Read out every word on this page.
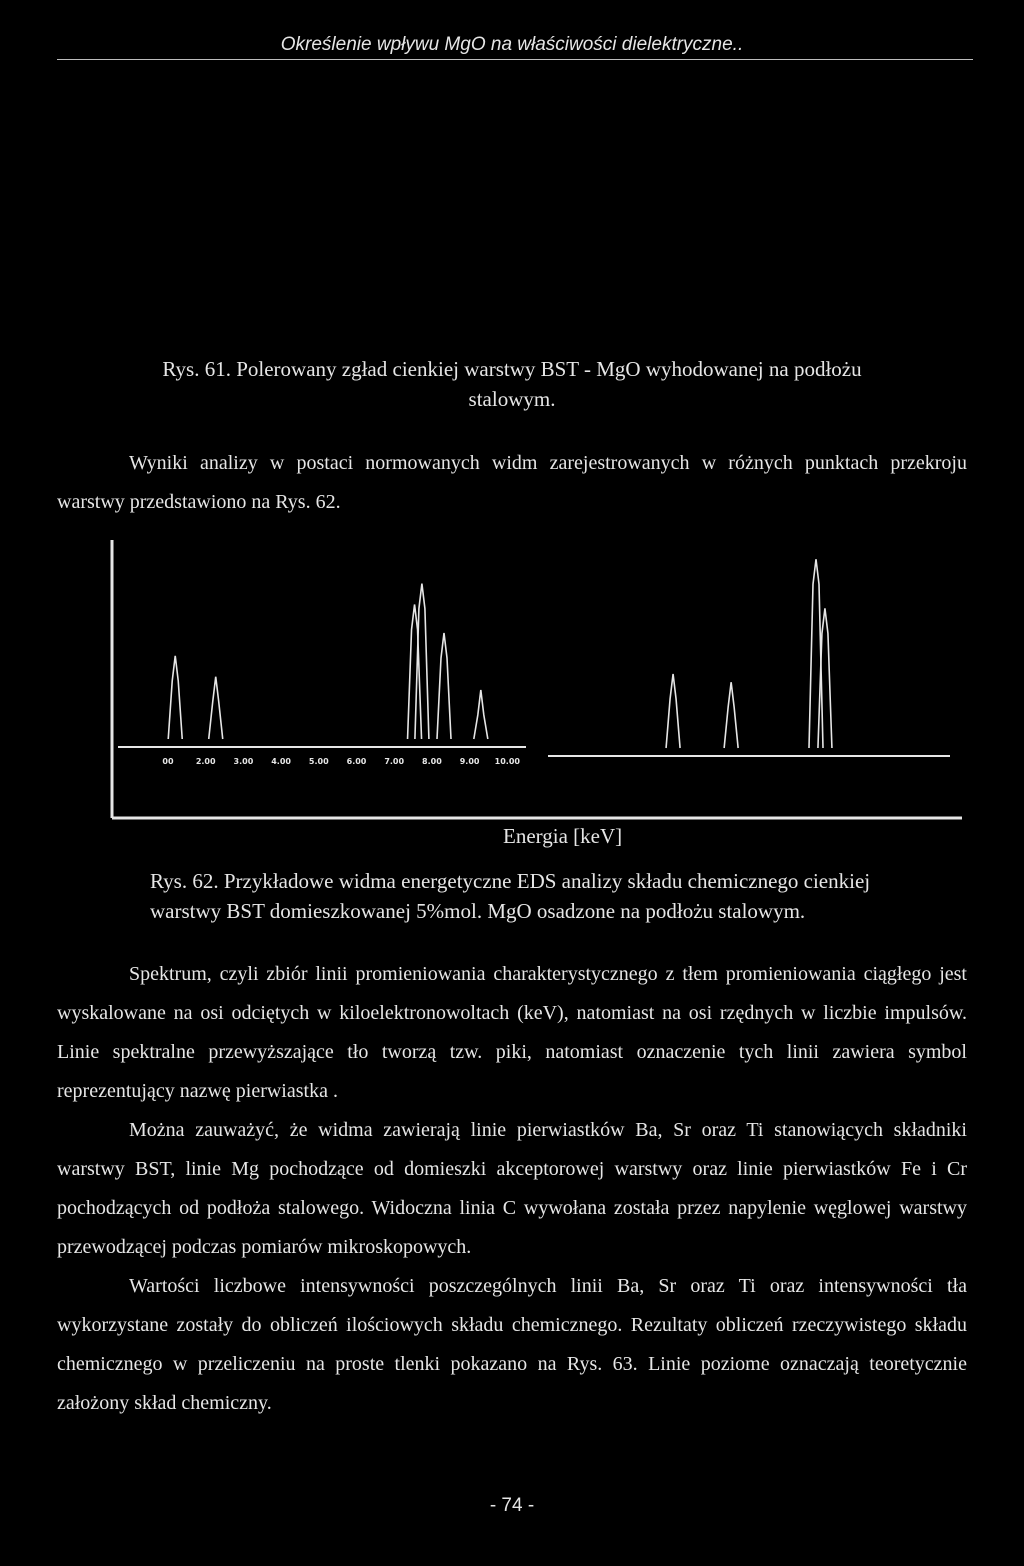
Określenie wpływu MgO na właściwości dielektryczne..
Rys. 61. Polerowany zgład cienkiej warstwy BST - MgO wyhodowanej na podłożu
stalowym.

Wyniki analizy w postaci normowanych widm zarejestrowanych w różnych punktach przekroju warstwy przedstawiono na Rys. 62.

00	2.00 3.00 4.00 5.00 6.00 7.00 8.00 9.00 10.00
Energia [keV]
Rys. 62. Przykładowe widma energetyczne EDS analizy składu chemicznego cienkiej
warstwy BST domieszkowanej 5%mol. MgO osadzone na podłożu stalowym.

Spektrum, czyli zbiór linii promieniowania charakterystycznego z tłem promieniowania ciągłego jest wyskalowane na osi odciętych w kiloelektronowoltach (keV), natomiast na osi rzędnych w liczbie impulsów. Linie spektralne przewyższające tło tworzą tzw. piki, natomiast oznaczenie tych linii zawiera symbol reprezentujący nazwę pierwiastka .

Można zauważyć, że widma zawierają linie pierwiastków Ba, Sr oraz Ti stanowiących składniki warstwy BST, linie Mg pochodzące od domieszki akceptorowej warstwy oraz linie pierwiastków Fe i Cr pochodzących od podłoża stalowego. Widoczna linia C wywołana została przez napylenie węglowej warstwy przewodzącej podczas pomiarów mikroskopowych.

Wartości liczbowe intensywności poszczególnych linii Ba, Sr oraz Ti oraz intensywności tła wykorzystane zostały do obliczeń ilościowych składu chemicznego. Rezultaty obliczeń rzeczywistego składu chemicznego w przeliczeniu na proste tlenki pokazano na Rys. 63. Linie poziome oznaczają teoretycznie założony skład chemiczny.

- 74 -
